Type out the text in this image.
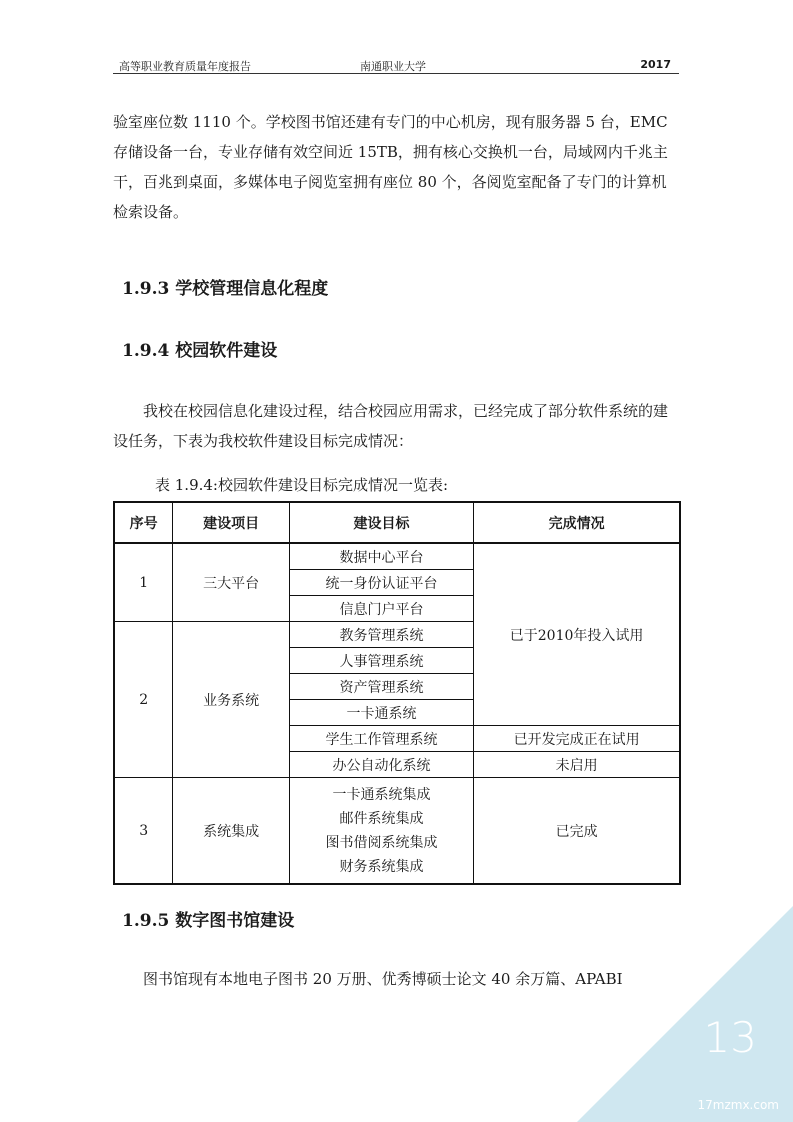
高等职业教育质量年度报告	南通职业大学	2017

验室座位数 1110 个。学校图书馆还建有专门的中心机房，现有服务器 5 台，EMC 存储设备一台，专业存储有效空间近 15TB，拥有核心交换机一台，局域网内千兆主干，百兆到桌面，多媒体电子阅览室拥有座位 80 个，各阅览室配备了专门的计算机检索设备。

1.9.3 学校管理信息化程度
1.9.4 校园软件建设

我校在校园信息化建设过程，结合校园应用需求，已经完成了部分软件系统的建设任务，下表为我校软件建设目标完成情况：

表 1.9.4:校园软件建设目标完成情况一览表:

序号	建设项目	建设目标	完成情况
1	三大平台	数据中心平台	已于2010年投入试用
		统一身份认证平台	
		信息门户平台	
2	业务系统	教务管理系统	
		人事管理系统	
		资产管理系统	
		一卡通系统	
		学生工作管理系统	已开发完成正在试用
		办公自动化系统	未启用
3	系统集成	一卡通系统集成
邮件系统集成
图书借阅系统集成
财务系统集成	已完成
1.9.5 数字图书馆建设

图书馆现有本地电子图书 20 万册、优秀博硕士论文 40 余万篇、APABI

13
17mzmx.com
